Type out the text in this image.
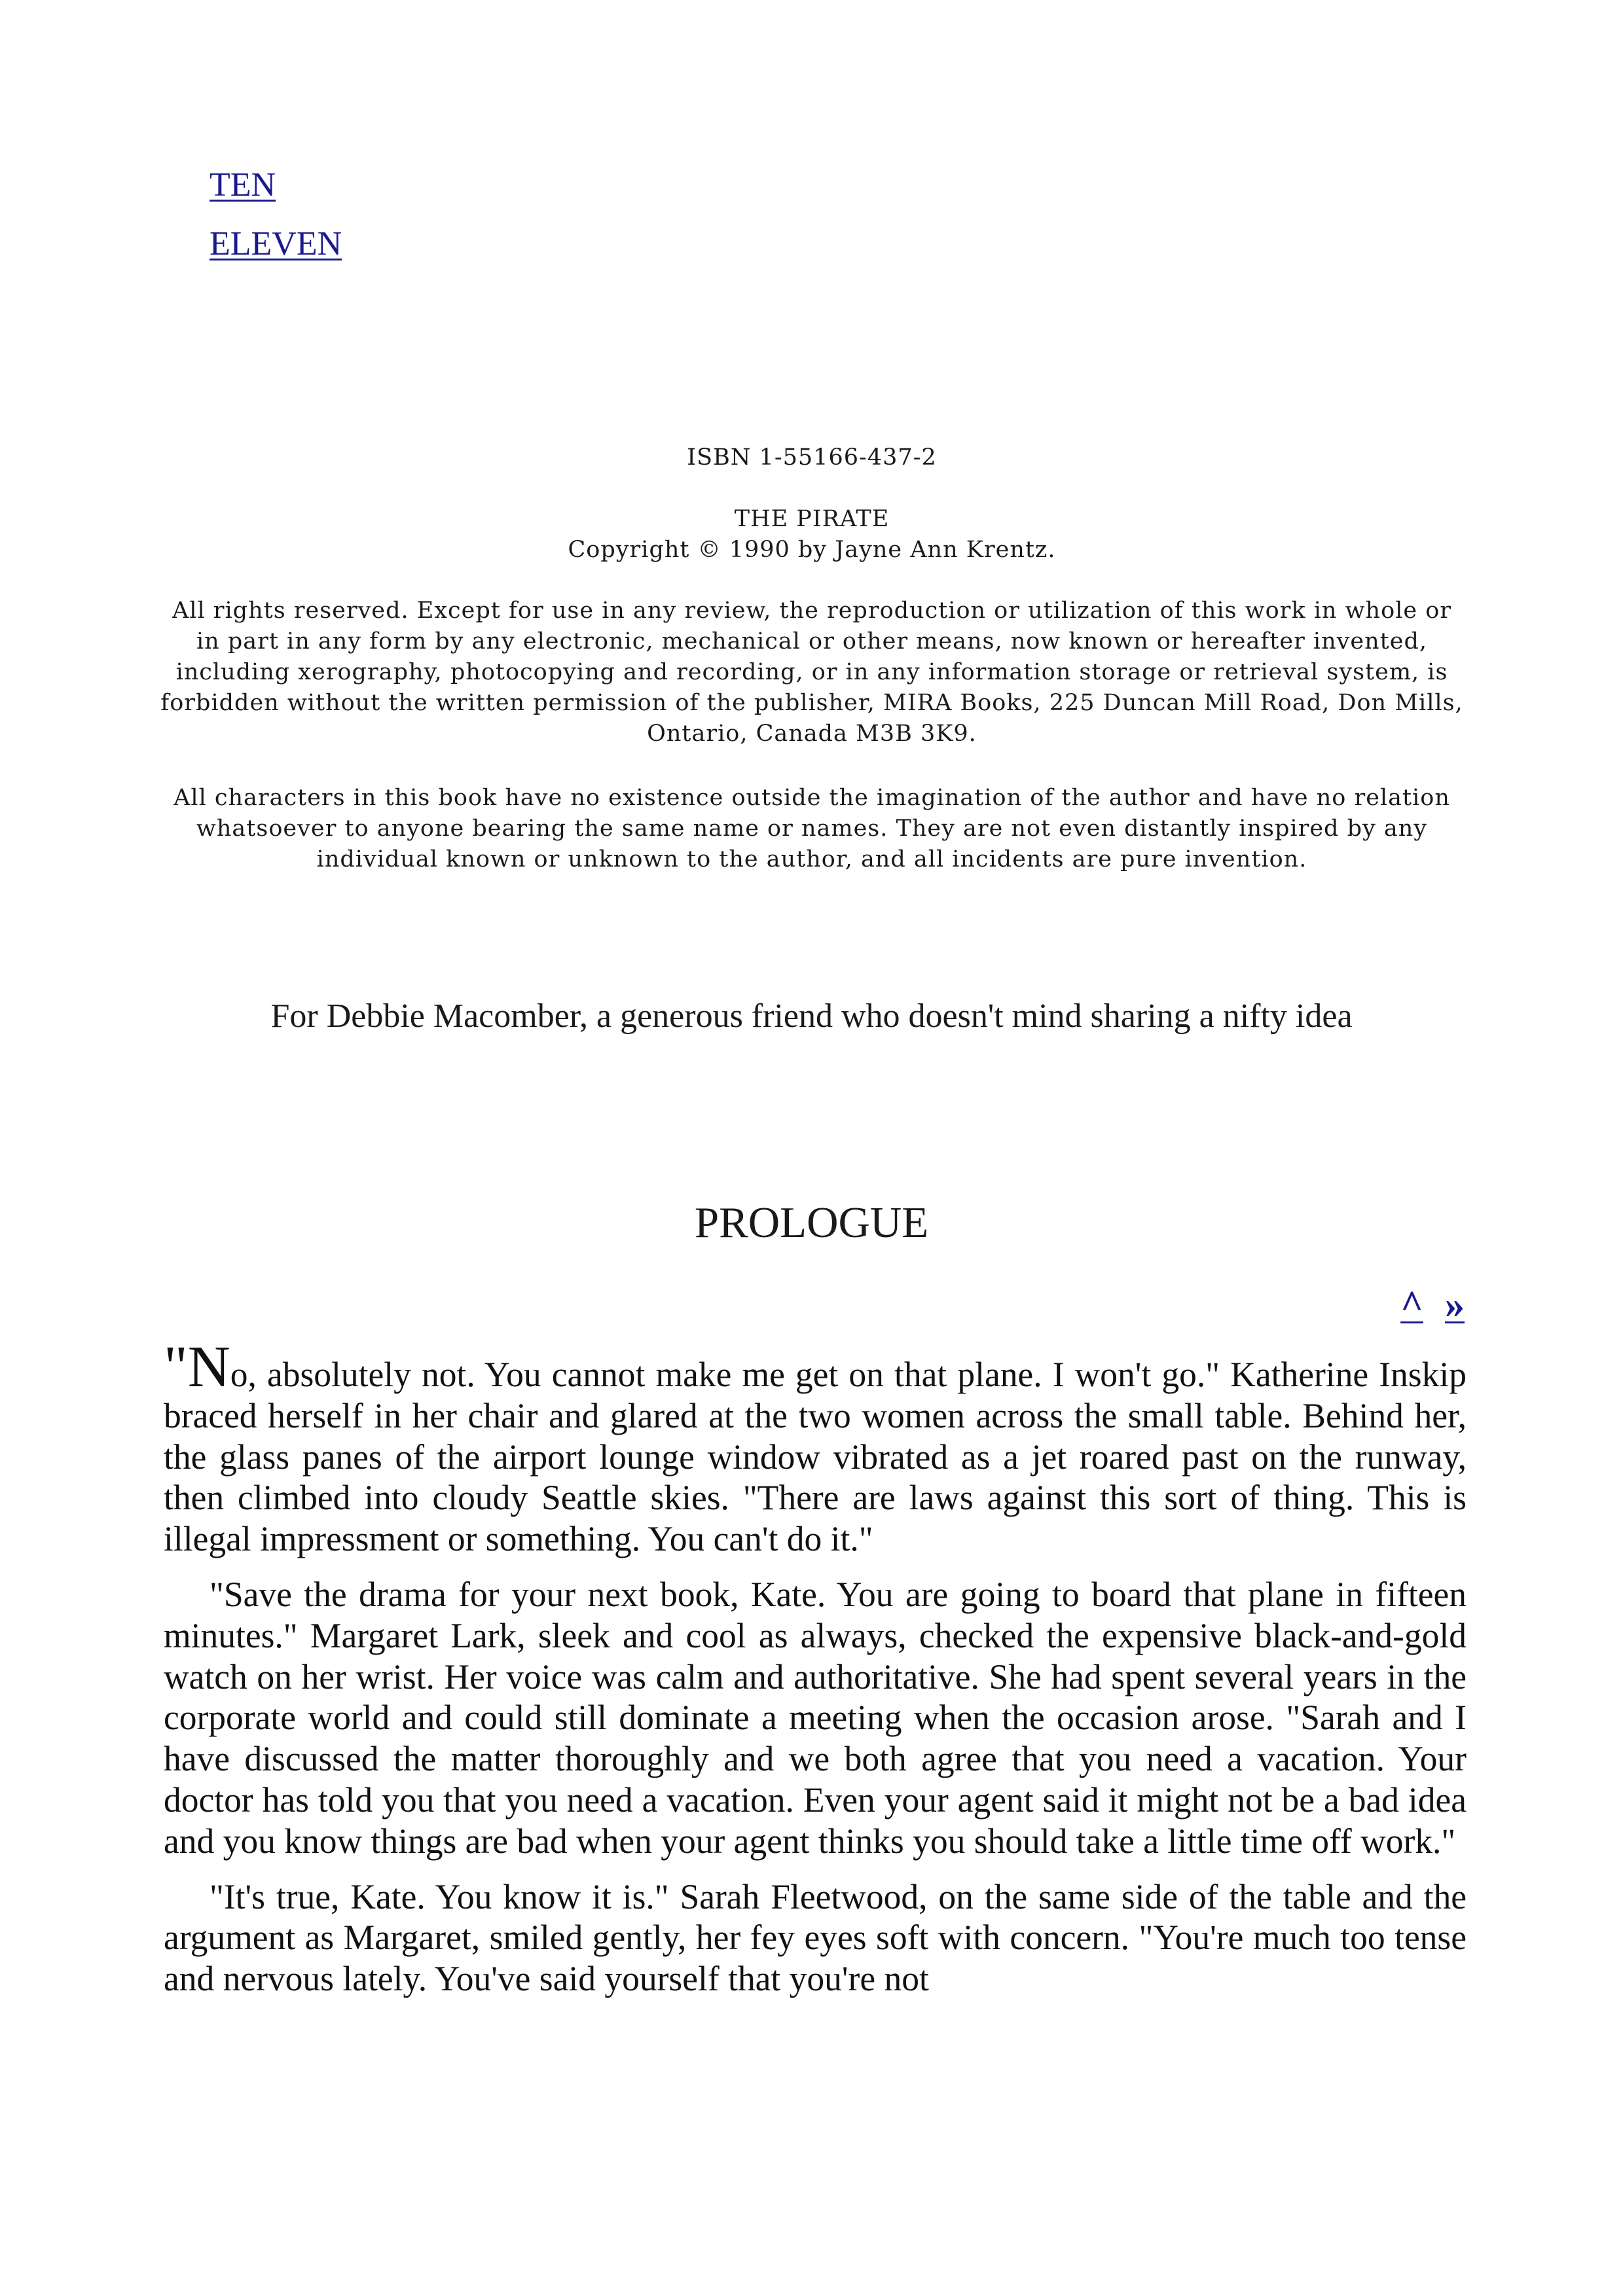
TEN
ELEVEN
ISBN 1-55166-437-2
THE PIRATE
Copyright © 1990 by Jayne Ann Krentz.
All rights reserved. Except for use in any review, the reproduction or utilization of this work in whole or in part in any form by any electronic, mechanical or other means, now known or hereafter invented, including xerography, photocopying and recording, or in any information storage or retrieval system, is forbidden without the written permission of the publisher, MIRA Books, 225 Duncan Mill Road, Don Mills, Ontario, Canada M3B 3K9.
All characters in this book have no existence outside the imagination of the author and have no relation whatsoever to anyone bearing the same name or names. They are not even distantly inspired by any individual known or unknown to the author, and all incidents are pure invention.
For Debbie Macomber, a generous friend who doesn't mind sharing a nifty idea
PROLOGUE
^ »

"No, absolutely not. You cannot make me get on that plane. I won't go." Katherine Inskip braced herself in her chair and glared at the two women across the small table. Behind her, the glass panes of the airport lounge window vibrated as a jet roared past on the runway, then climbed into cloudy Seattle skies. "There are laws against this sort of thing. This is illegal impressment or something. You can't do it."

"Save the drama for your next book, Kate. You are going to board that plane in fifteen minutes." Margaret Lark, sleek and cool as always, checked the expensive black-and-gold watch on her wrist. Her voice was calm and authoritative. She had spent several years in the corporate world and could still dominate a meeting when the occasion arose. "Sarah and I have discussed the matter thoroughly and we both agree that you need a vacation. Your doctor has told you that you need a vacation. Even your agent said it might not be a bad idea and you know things are bad when your agent thinks you should take a little time off work."

"It's true, Kate. You know it is." Sarah Fleetwood, on the same side of the table and the argument as Margaret, smiled gently, her fey eyes soft with concern. "You're much too tense and nervous lately. You've said yourself that you're not
